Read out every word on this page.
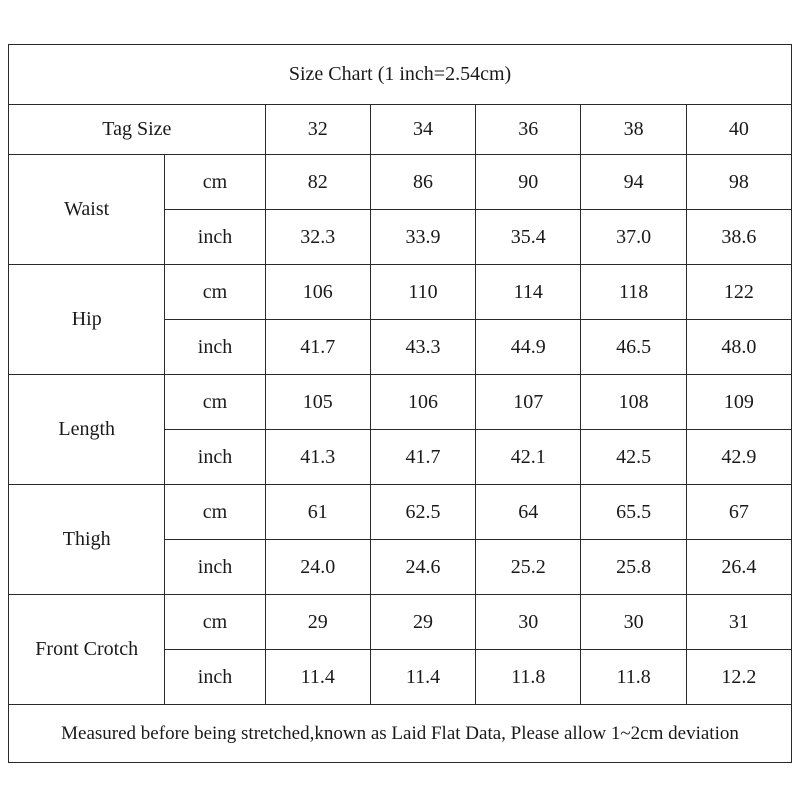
Size Chart (1 inch=2.54cm)						
Tag Size		32	34	36	38	40
Waist	cm	82	86	90	94	98
	inch	32.3	33.9	35.4	37.0	38.6
Hip	cm	106	110	114	118	122
	inch	41.7	43.3	44.9	46.5	48.0
Length	cm	105	106	107	108	109
	inch	41.3	41.7	42.1	42.5	42.9
Thigh	cm	61	62.5	64	65.5	67
	inch	24.0	24.6	25.2	25.8	26.4
Front Crotch	cm	29	29	30	30	31
	inch	11.4	11.4	11.8	11.8	12.2
Measured before being stretched,known as Laid Flat Data, Please allow 1~2cm deviation						
